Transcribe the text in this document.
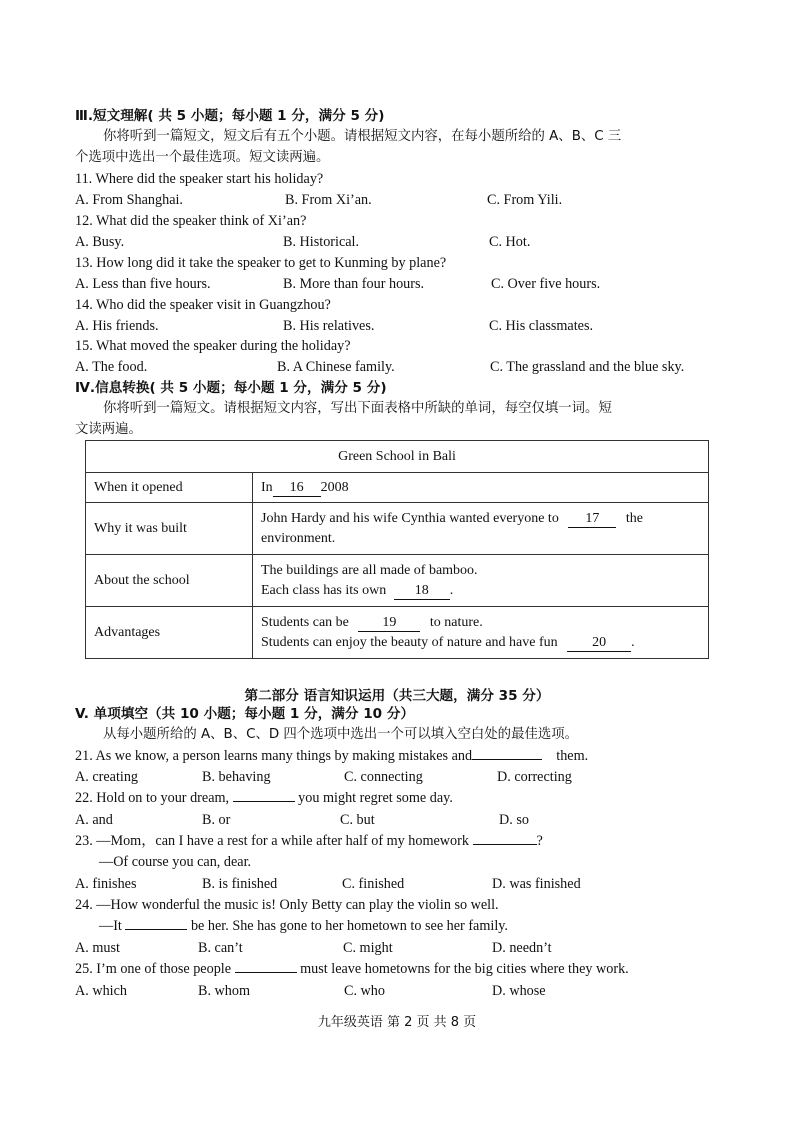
Ⅲ.短文理解( 共 5 小题；每小题 1 分，满分 5 分)
你将听到一篇短文，短文后有五个小题。请根据短文内容，在每小题所给的 A、B、C 三
个选项中选出一个最佳选项。短文读两遍。
11. Where did the speaker start his holiday?
A. From Shanghai.	B. From Xi’an.	C. From Yili.
12. What did the speaker think of Xi’an?
A. Busy.	B. Historical.	C. Hot.
13. How long did it take the speaker to get to Kunming by plane?
A. Less than five hours.	B. More than four hours.	C. Over five hours.
14. Who did the speaker visit in Guangzhou?
A. His friends.	B. His relatives.	C. His classmates.
15. What moved the speaker during the holiday?
A. The food.	B. A Chinese family.	C. The grassland and the blue sky.
Ⅳ.信息转换( 共 5 小题；每小题 1 分，满分 5 分)
你将听到一篇短文。请根据短文内容，写出下面表格中所缺的单词，每空仅填一词。短
文读两遍。
Green School in Bali	
When it opened	In 16 2008
Why it was built	John Hardy and his wife Cynthia wanted everyone to 17 the
environment.
About the school	The buildings are all made of bamboo.
Each class has its own 18 .
Advantages	Students can be 19 to nature.
Students can enjoy the beauty of nature and have fun 20 .
V. 单项填空（共 10 小题；每小题 1 分，满分 10 分）
从每小题所给的 A、B、C、D 四个选项中选出一个可以填入空白处的最佳选项。
21. As we know, a person learns many things by making mistakes and	them.
A. creating	B. behaving	C. connecting	D. correcting
22. Hold on to your dream,	you might regret some day.
A. and	B. or	C. but	D. so
23. —Mom，can I have a rest for a while after half of my homework	?
—Of course you can, dear.
A. finishes	B. is finished	C. finished	D. was finished
24. —How wonderful the music is! Only Betty can play the violin so well.
—It	be her. She has gone to her hometown to see her family.
A. must	B. can’t	C. might	D. needn’t
25. I’m one of those people	must leave hometowns for the big cities where they work.
A. which	B. whom	C. who	D. whose
第二部分 语言知识运用（共三大题，满分 35 分）
九年级英语 第 2 页 共 8 页
